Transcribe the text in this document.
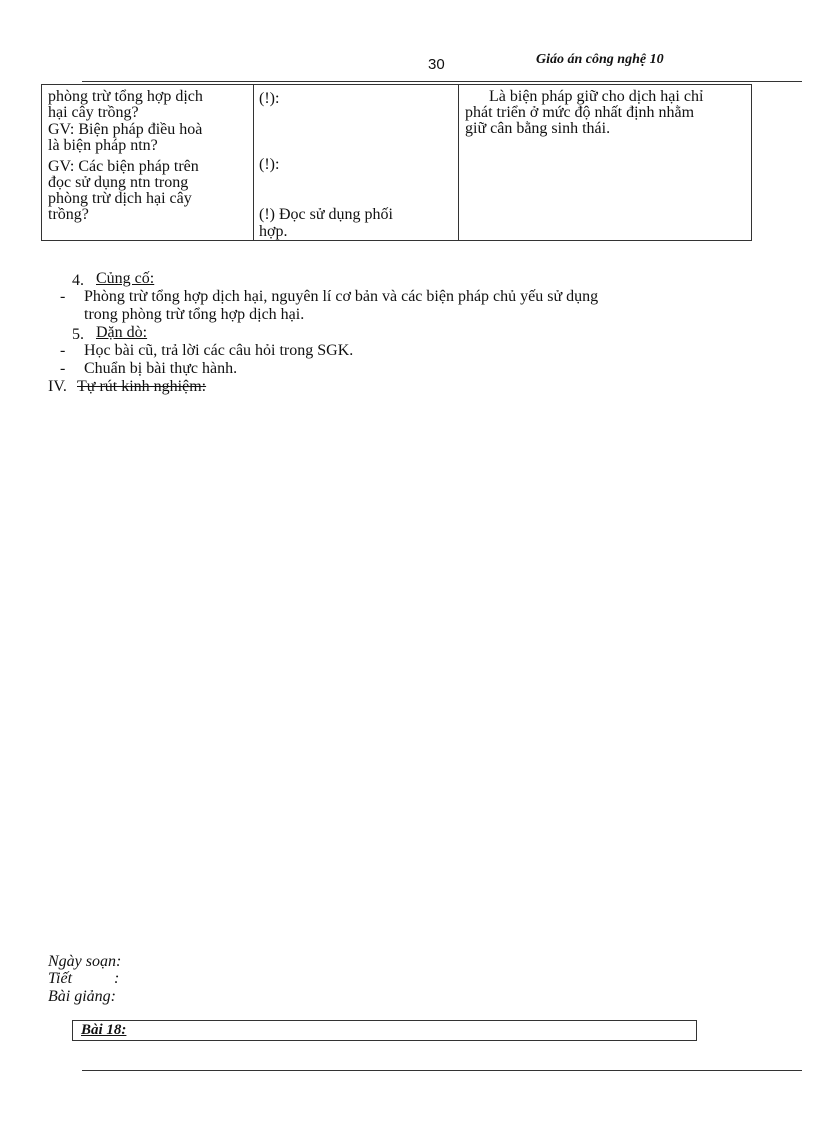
30	Giáo án công nghệ 10
phòng trừ tổng hợp dịch
hại cây trồng?
GV: Biện pháp điều hoà
là biện pháp ntn?
GV: Các biện pháp trên
đọc sử dụng ntn trong
phòng trừ dịch hại cây
trồng?

(!):
(!):
(!) Đọc sử dụng phối
hợp.

Là biện pháp giữ cho dịch hại chỉ
phát triển ở mức độ nhất định nhằm
giữ cân bằng sinh thái.
4. Củng cố:
- Phòng trừ tổng hợp dịch hại, nguyên lí cơ bản và các biện pháp chủ yếu sử dụng
trong phòng trừ tổng hợp dịch hại.
5. Dặn dò:
- Học bài cũ, trả lời các câu hỏi trong SGK.
- Chuẩn bị bài thực hành.
IV. Tự rút kinh nghiệm:
Ngày soạn:
Tiết	:
Bài giảng:
Bài 18:
